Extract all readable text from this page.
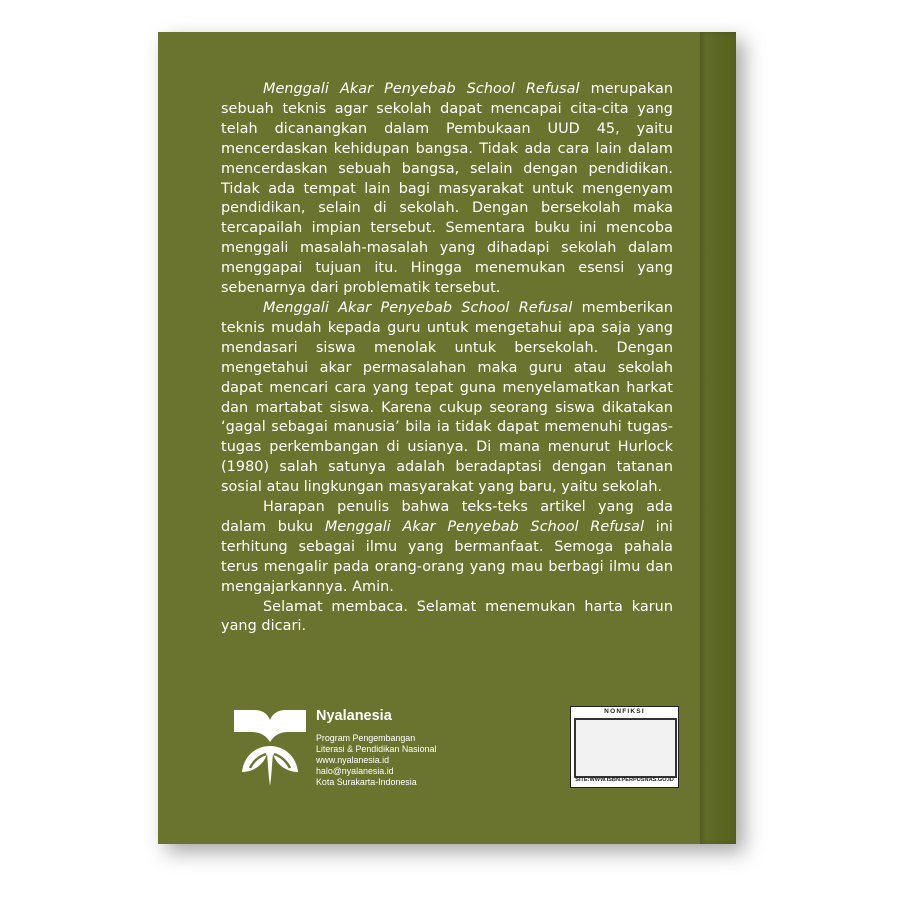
Menggali Akar Penyebab School Refusal merupakan sebuah teknis agar sekolah dapat mencapai cita-cita yang telah dicanangkan dalam Pembukaan UUD 45, yaitu mencerdaskan kehidupan bangsa. Tidak ada cara lain dalam mencerdaskan sebuah bangsa, selain dengan pendidikan. Tidak ada tempat lain bagi masyarakat untuk mengenyam pendidikan, selain di sekolah. Dengan bersekolah maka tercapailah impian tersebut. Sementara buku ini mencoba menggali masalah-masalah yang dihadapi sekolah dalam menggapai tujuan itu. Hingga menemukan esensi yang sebenarnya dari problematik tersebut.

Menggali Akar Penyebab School Refusal memberikan teknis mudah kepada guru untuk mengetahui apa saja yang mendasari siswa menolak untuk bersekolah. Dengan mengetahui akar permasalahan maka guru atau sekolah dapat mencari cara yang tepat guna menyelamatkan harkat dan martabat siswa. Karena cukup seorang siswa dikatakan ‘gagal sebagai manusia’ bila ia tidak dapat memenuhi tugas-tugas perkembangan di usianya. Di mana menurut Hurlock (1980) salah satunya adalah beradaptasi dengan tatanan sosial atau lingkungan masyarakat yang baru, yaitu sekolah.

Harapan penulis bahwa teks-teks artikel yang ada dalam buku Menggali Akar Penyebab School Refusal ini terhitung sebagai ilmu yang bermanfaat. Semoga pahala terus mengalir pada orang-orang yang mau berbagi ilmu dan mengajarkannya. Amin.

Selamat membaca. Selamat menemukan harta karun yang dicari.

Nyalanesia
Program Pengembangan
Literasi & Pendidikan Nasional
www.nyalanesia.id
halo@nyalanesia.id
Kota Surakarta-Indonesia
NONFIKSI
SITE:WWW.ISBN.PERPUSNAS.GO.ID
